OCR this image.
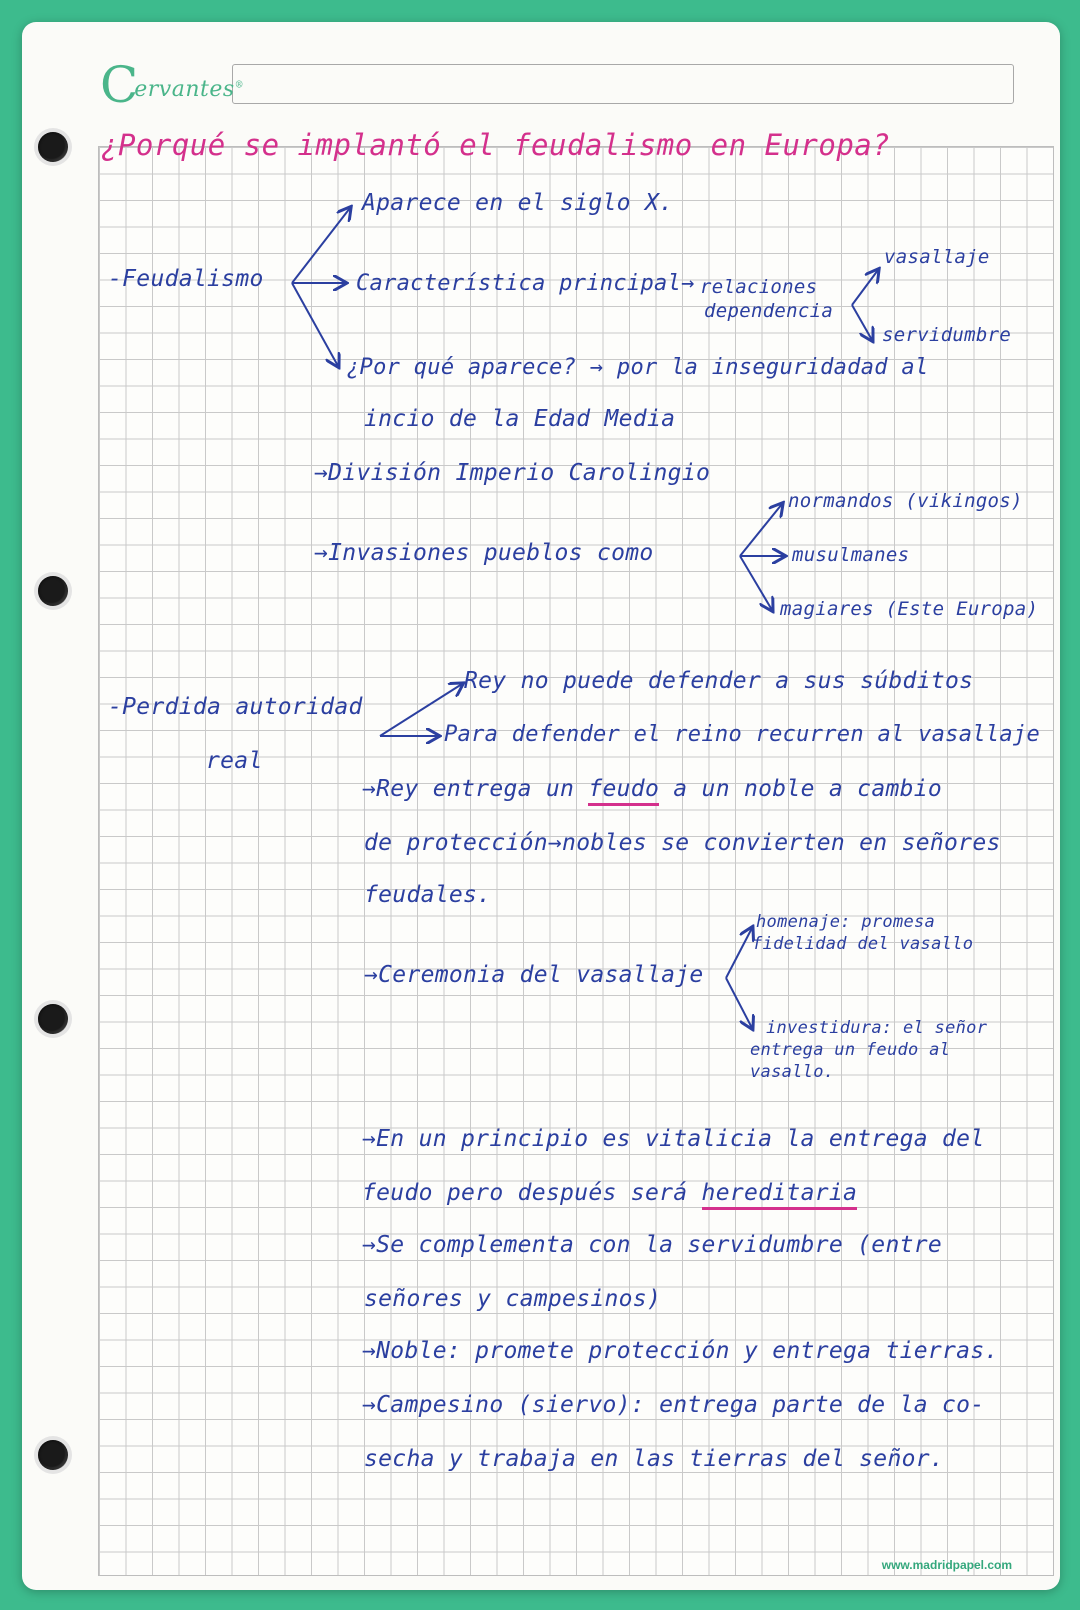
C
ervantes®
www.madridpapel.com
¿Porqué se implantó el feudalismo en Europa?
-Feudalismo
Aparece en el siglo X.
Característica principal→ relaciones
dependencia
vasallaje
servidumbre
¿Por qué aparece? → por la inseguridadad al
incio de la Edad Media
→División Imperio Carolingio
→Invasiones pueblos como
normandos (vikingos)
musulmanes
magiares (Este Europa)
-Perdida autoridad
real
Rey no puede defender a sus súbditos
Para defender el reino recurren al vasallaje
→Rey entrega un feudo a un noble a cambio
de protección→nobles se convierten en señores
feudales.
→Ceremonia del vasallaje
homenaje: promesa
fidelidad del vasallo
investidura: el señor
entrega un feudo al
vasallo.
→En un principio es vitalicia la entrega del
feudo pero después será hereditaria
→Se complementa con la servidumbre (entre
señores y campesinos)
→Noble: promete protección y entrega tierras.
→Campesino (siervo): entrega parte de la co-
secha y trabaja en las tierras del señor.
